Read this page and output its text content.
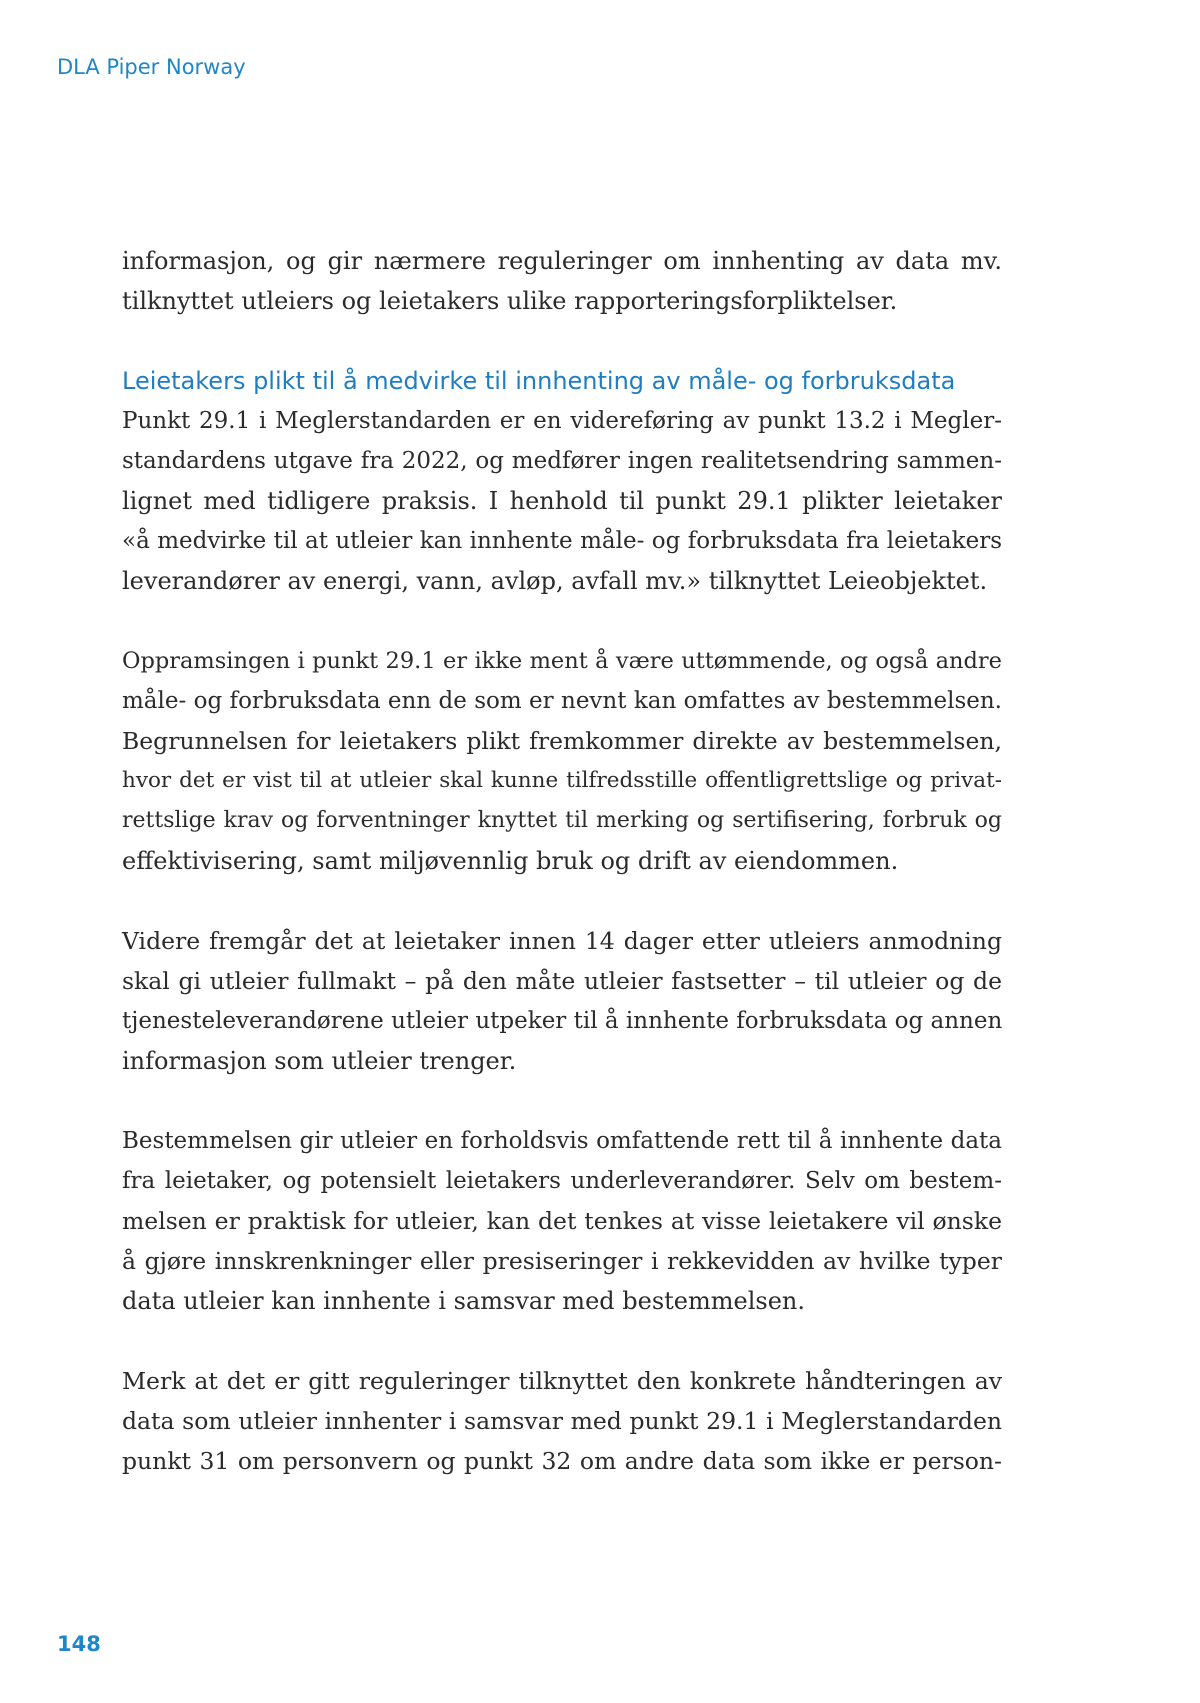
DLA Piper Norway
informasjon, og gir nærmere reguleringer om innhenting av data mv.
tilknyttet utleiers og leietakers ulike rapporteringsforpliktelser.
Leietakers plikt til å medvirke til innhenting av måle- og forbruksdata
Punkt 29.1 i Meglerstandarden er en videreføring av punkt 13.2 i Megler-
standardens utgave fra 2022, og medfører ingen realitetsendring sammen-
lignet med tidligere praksis. I henhold til punkt 29.1 plikter leietaker
«å medvirke til at utleier kan innhente måle- og forbruksdata fra leietakers
leverandører av energi, vann, avløp, avfall mv.» tilknyttet Leieobjektet.
Oppramsingen i punkt 29.1 er ikke ment å være uttømmende, og også andre
måle- og forbruksdata enn de som er nevnt kan omfattes av bestemmelsen.
Begrunnelsen for leietakers plikt fremkommer direkte av bestemmelsen,
hvor det er vist til at utleier skal kunne tilfredsstille offentligrettslige og privat-
rettslige krav og forventninger knyttet til merking og sertifisering, forbruk og
effektivisering, samt miljøvennlig bruk og drift av eiendommen.
Videre fremgår det at leietaker innen 14 dager etter utleiers anmodning
skal gi utleier fullmakt – på den måte utleier fastsetter – til utleier og de
tjenesteleverandørene utleier utpeker til å innhente forbruksdata og annen
informasjon som utleier trenger.
Bestemmelsen gir utleier en forholdsvis omfattende rett til å innhente data
fra leietaker, og potensielt leietakers underleverandører. Selv om bestem-
melsen er praktisk for utleier, kan det tenkes at visse leietakere vil ønske
å gjøre innskrenkninger eller presiseringer i rekkevidden av hvilke typer
data utleier kan innhente i samsvar med bestemmelsen.
Merk at det er gitt reguleringer tilknyttet den konkrete håndteringen av
data som utleier innhenter i samsvar med punkt 29.1 i Meglerstandarden
punkt 31 om personvern og punkt 32 om andre data som ikke er person-
148
